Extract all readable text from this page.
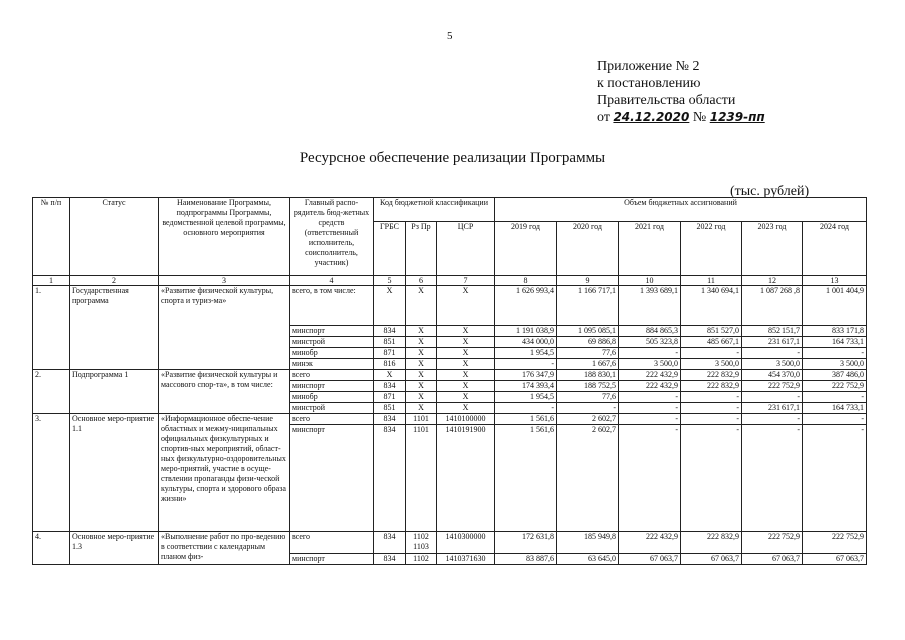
5
Приложение № 2
к постановлению
Правительства области
от 24.12.2020 № 1239-пп
Ресурсное обеспечение реализации Программы
(тыс. рублей)
№ п/п	Статус	Наименование Программы, подпрограммы Программы, ведомственной целевой программы, основного мероприятия	Главный распо-рядитель бюд-жетных средств (ответственный исполнитель, соисполнитель, участник)	Код бюджетной классификации			Объем бюджетных ассигнований					
				ГРБС	Рз Пр	ЦСР	2019 год	2020 год	2021 год	2022 год	2023 год	2024 год
1	2	3	4	5	6	7	8	9	10	11	12	13
1.	Государственная программа	«Развитие физической культуры, спорта и туриз-ма»	всего, в том числе:	X	X	X	1 626 993,4	1 166 717,1	1 393 689,1	1 340 694,1	1 087 268 ,8	1 001 404,9
			минспорт	834	X	X	1 191 038,9	1 095 085,1	884 865,3	851 527,0	852 151,7	833 171,8
			минстрой	851	X	X	434 000,0	69 886,8	505 323,8	485 667,1	231 617,1	164 733,1
			минобр	871	X	X	1 954,5	77,6	-	-	-	-
			минэк	816	X	X	-	1 667,6	3 500,0	3 500,0	3 500,0	3 500,0
2.	Подпрограмма 1	«Развитие физической культуры и массового спор-та», в том числе:	всего	X	X	X	176 347,9	188 830,1	222 432,9	222 832,9	454 370,0	387 486,0
			минспорт	834	X	X	174 393,4	188 752,5	222 432,9	222 832,9	222 752,9	222 752,9
			минобр	871	X	X	1 954,5	77,6	-	-	-	-
			минстрой	851	X	X	-	-	-	-	231 617,1	164 733,1
3.	Основное меро-приятие 1.1	«Информационное обеспе-чение областных и межму-ниципальных официальных физкультурных и спортив-ных мероприятий, област-ных физкультурно-оздоровительных меро-приятий, участие в осуще-ствлении пропаганды физи-ческой культуры, спорта и здорового образа жизни»	всего	834	1101	1410100000	1 561,6	2 602,7	-	-	-	-
			минспорт	834	1101	1410191900	1 561,6	2 602,7	-	-	-	-
4.	Основное меро-приятие 1.3	«Выполнение работ по про-ведению в соответствии с календарным планом физ-	всего	834	1102 1103	1410300000	172 631,8	185 949,8	222 432,9	222 832,9	222 752,9	222 752,9
			минспорт	834	1102	1410371630	83 887,6	63 645,0	67 063,7	67 063,7	67 063,7	67 063,7
